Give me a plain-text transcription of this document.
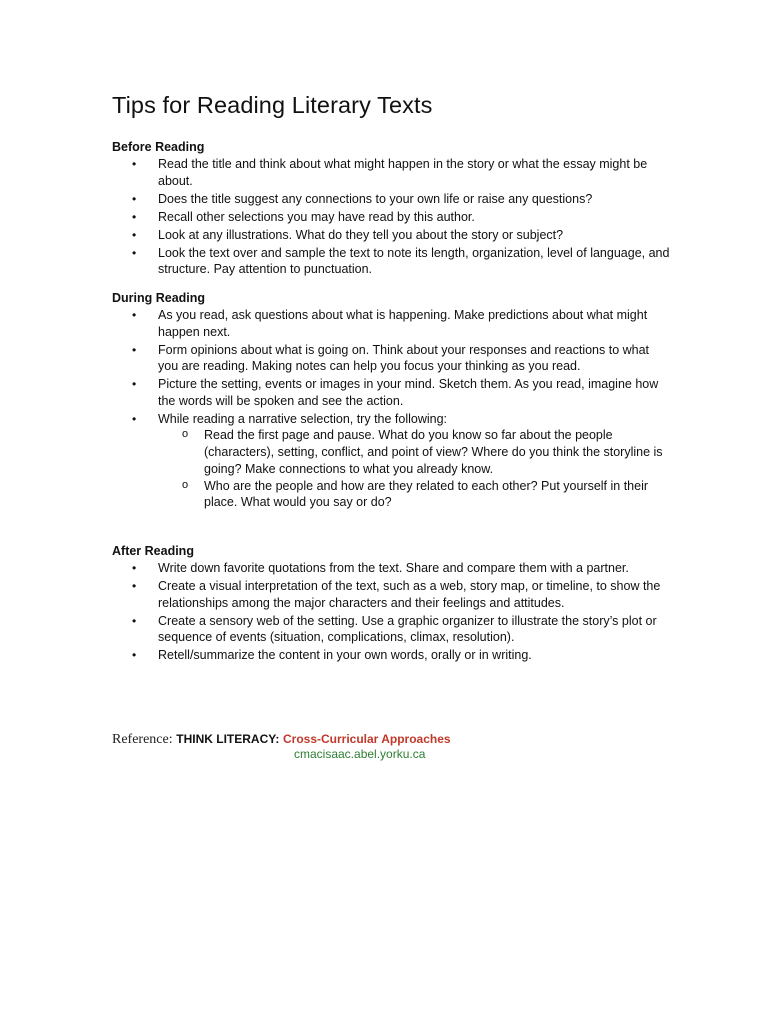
Tips for Reading Literary Texts
Before Reading
• Read the title and think about what might happen in the story or what the essay might be about.
• Does the title suggest any connections to your own life or raise any questions?
• Recall other selections you may have read by this author.
• Look at any illustrations. What do they tell you about the story or subject?
• Look the text over and sample the text to note its length, organization, level of language, and structure. Pay attention to punctuation.
During Reading
• As you read, ask questions about what is happening. Make predictions about what might happen next.
• Form opinions about what is going on. Think about your responses and reactions to what you are reading. Making notes can help you focus your thinking as you read.
• Picture the setting, events or images in your mind. Sketch them. As you read, imagine how the words will be spoken and see the action.
• While reading a narrative selection, try the following:
o Read the first page and pause. What do you know so far about the people (characters), setting, conflict, and point of view? Where do you think the storyline is going? Make connections to what you already know.
o Who are the people and how are they related to each other? Put yourself in their place. What would you say or do?
After Reading
• Write down favorite quotations from the text. Share and compare them with a partner.
• Create a visual interpretation of the text, such as a web, story map, or timeline, to show the relationships among the major characters and their feelings and attitudes.
• Create a sensory web of the setting. Use a graphic organizer to illustrate the story’s plot or sequence of events (situation, complications, climax, resolution).
• Retell/summarize the content in your own words, orally or in writing.
Reference: THINK LITERACY: Cross-Curricular Approaches
cmacisaac.abel.yorku.ca
